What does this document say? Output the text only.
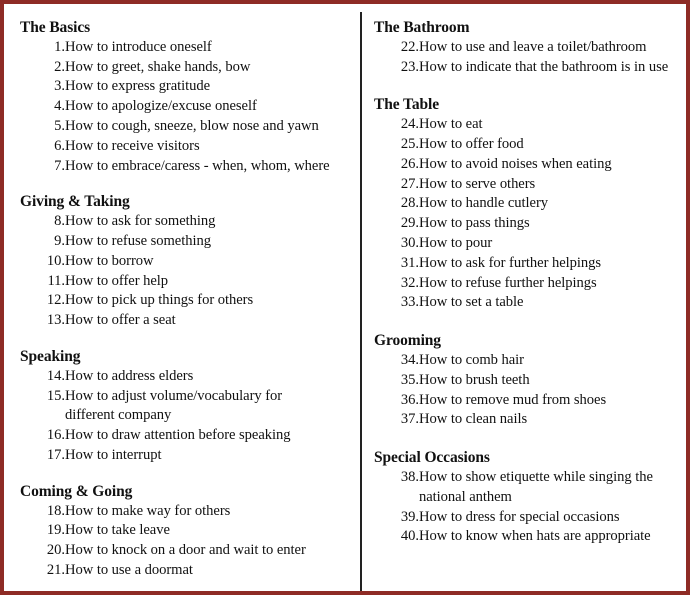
The Basics
1. How to introduce oneself
2. How to greet, shake hands, bow
3. How to express gratitude
4. How to apologize/excuse oneself
5. How to cough, sneeze, blow nose and yawn
6. How to receive visitors
7. How to embrace/caress - when, whom, where
Giving & Taking
8. How to ask for something
9. How to refuse something
10. How to borrow
11. How to offer help
12. How to pick up things for others
13. How to offer a seat
Speaking
14. How to address elders
15. How to adjust volume/vocabulary for different company
16. How to draw attention before speaking
17. How to interrupt
Coming & Going
18. How to make way for others
19. How to take leave
20. How to knock on a door and wait to enter
21. How to use a doormat
The Bathroom
22. How to use and leave a toilet/bathroom
23. How to indicate that the bathroom is in use
The Table
24. How to eat
25. How to offer food
26. How to avoid noises when eating
27. How to serve others
28. How to handle cutlery
29. How to pass things
30. How to pour
31. How to ask for further helpings
32. How to refuse further helpings
33. How to set a table
Grooming
34. How to comb hair
35. How to brush teeth
36. How to remove mud from shoes
37. How to clean nails
Special Occasions
38. How to show etiquette while singing the national anthem
39. How to dress for special occasions
40. How to know when hats are appropriate
